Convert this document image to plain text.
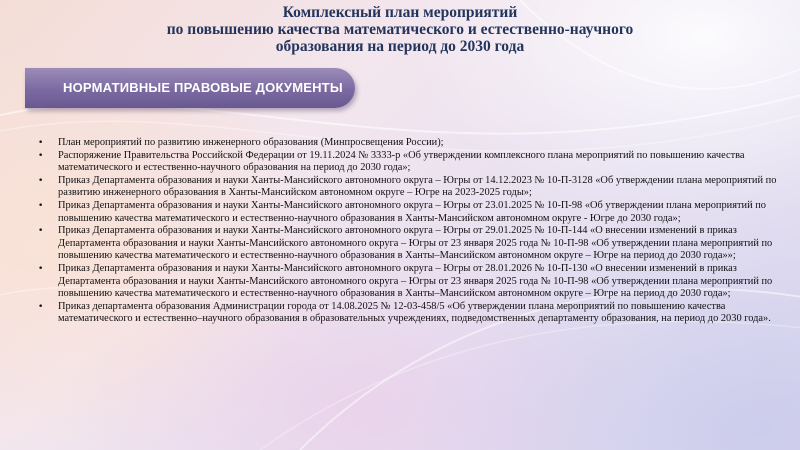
Комплексный план мероприятий
по повышению качества математического и естественно-научного
образования на период до 2030 года
НОРМАТИВНЫЕ ПРАВОВЫЕ ДОКУМЕНТЫ
• План мероприятий по развитию инженерного образования (Минпросвещения России);
• Распоряжение Правительства Российской Федерации от 19.11.2024 № 3333-р «Об утверждении комплексного плана мероприятий по повышению качества математического и естественно-научного образования на период до 2030 года»;
• Приказ Департамента образования и науки Ханты-Мансийского автономного округа – Югры от 14.12.2023 № 10-П-3128 «Об утверждении плана мероприятий по развитию инженерного образования в Ханты-Мансийском автономном округе – Югре на 2023-2025 годы»;
• Приказ Департамента образования и науки Ханты-Мансийского автономного округа – Югры от 23.01.2025 № 10-П-98 «Об утверждении плана мероприятий по повышению качества математического и естественно-научного образования в Ханты-Мансийском автономном округе - Югре до 2030 года»;
• Приказ Департамента образования и науки Ханты-Мансийского автономного округа – Югры от 29.01.2025 № 10-П-144 «О внесении изменений в приказ Департамента образования и науки Ханты-Мансийского автономного округа – Югры от 23 января 2025 года № 10-П-98 «Об утверждении плана мероприятий по повышению качества математического и естественно-научного образования в Ханты–Мансийском автономном округе – Югре на период до 2030 года»»;
• Приказ Департамента образования и науки Ханты-Мансийского автономного округа – Югры от 28.01.2026 № 10-П-130 «О внесении изменений в приказ Департамента образования и науки Ханты-Мансийского автономного округа – Югры от 23 января 2025 года № 10-П-98 «Об утверждении плана мероприятий по повышению качества математического и естественно-научного образования в Ханты–Мансийском автономном округе – Югре на период до 2030 года»;
• Приказ департамента образования Администрации города от 14.08.2025 № 12-03-458/5 «Об утверждении плана мероприятий по повышению качества математического и естественно–научного образования в образовательных учреждениях, подведомственных департаменту образования, на период до 2030 года».
